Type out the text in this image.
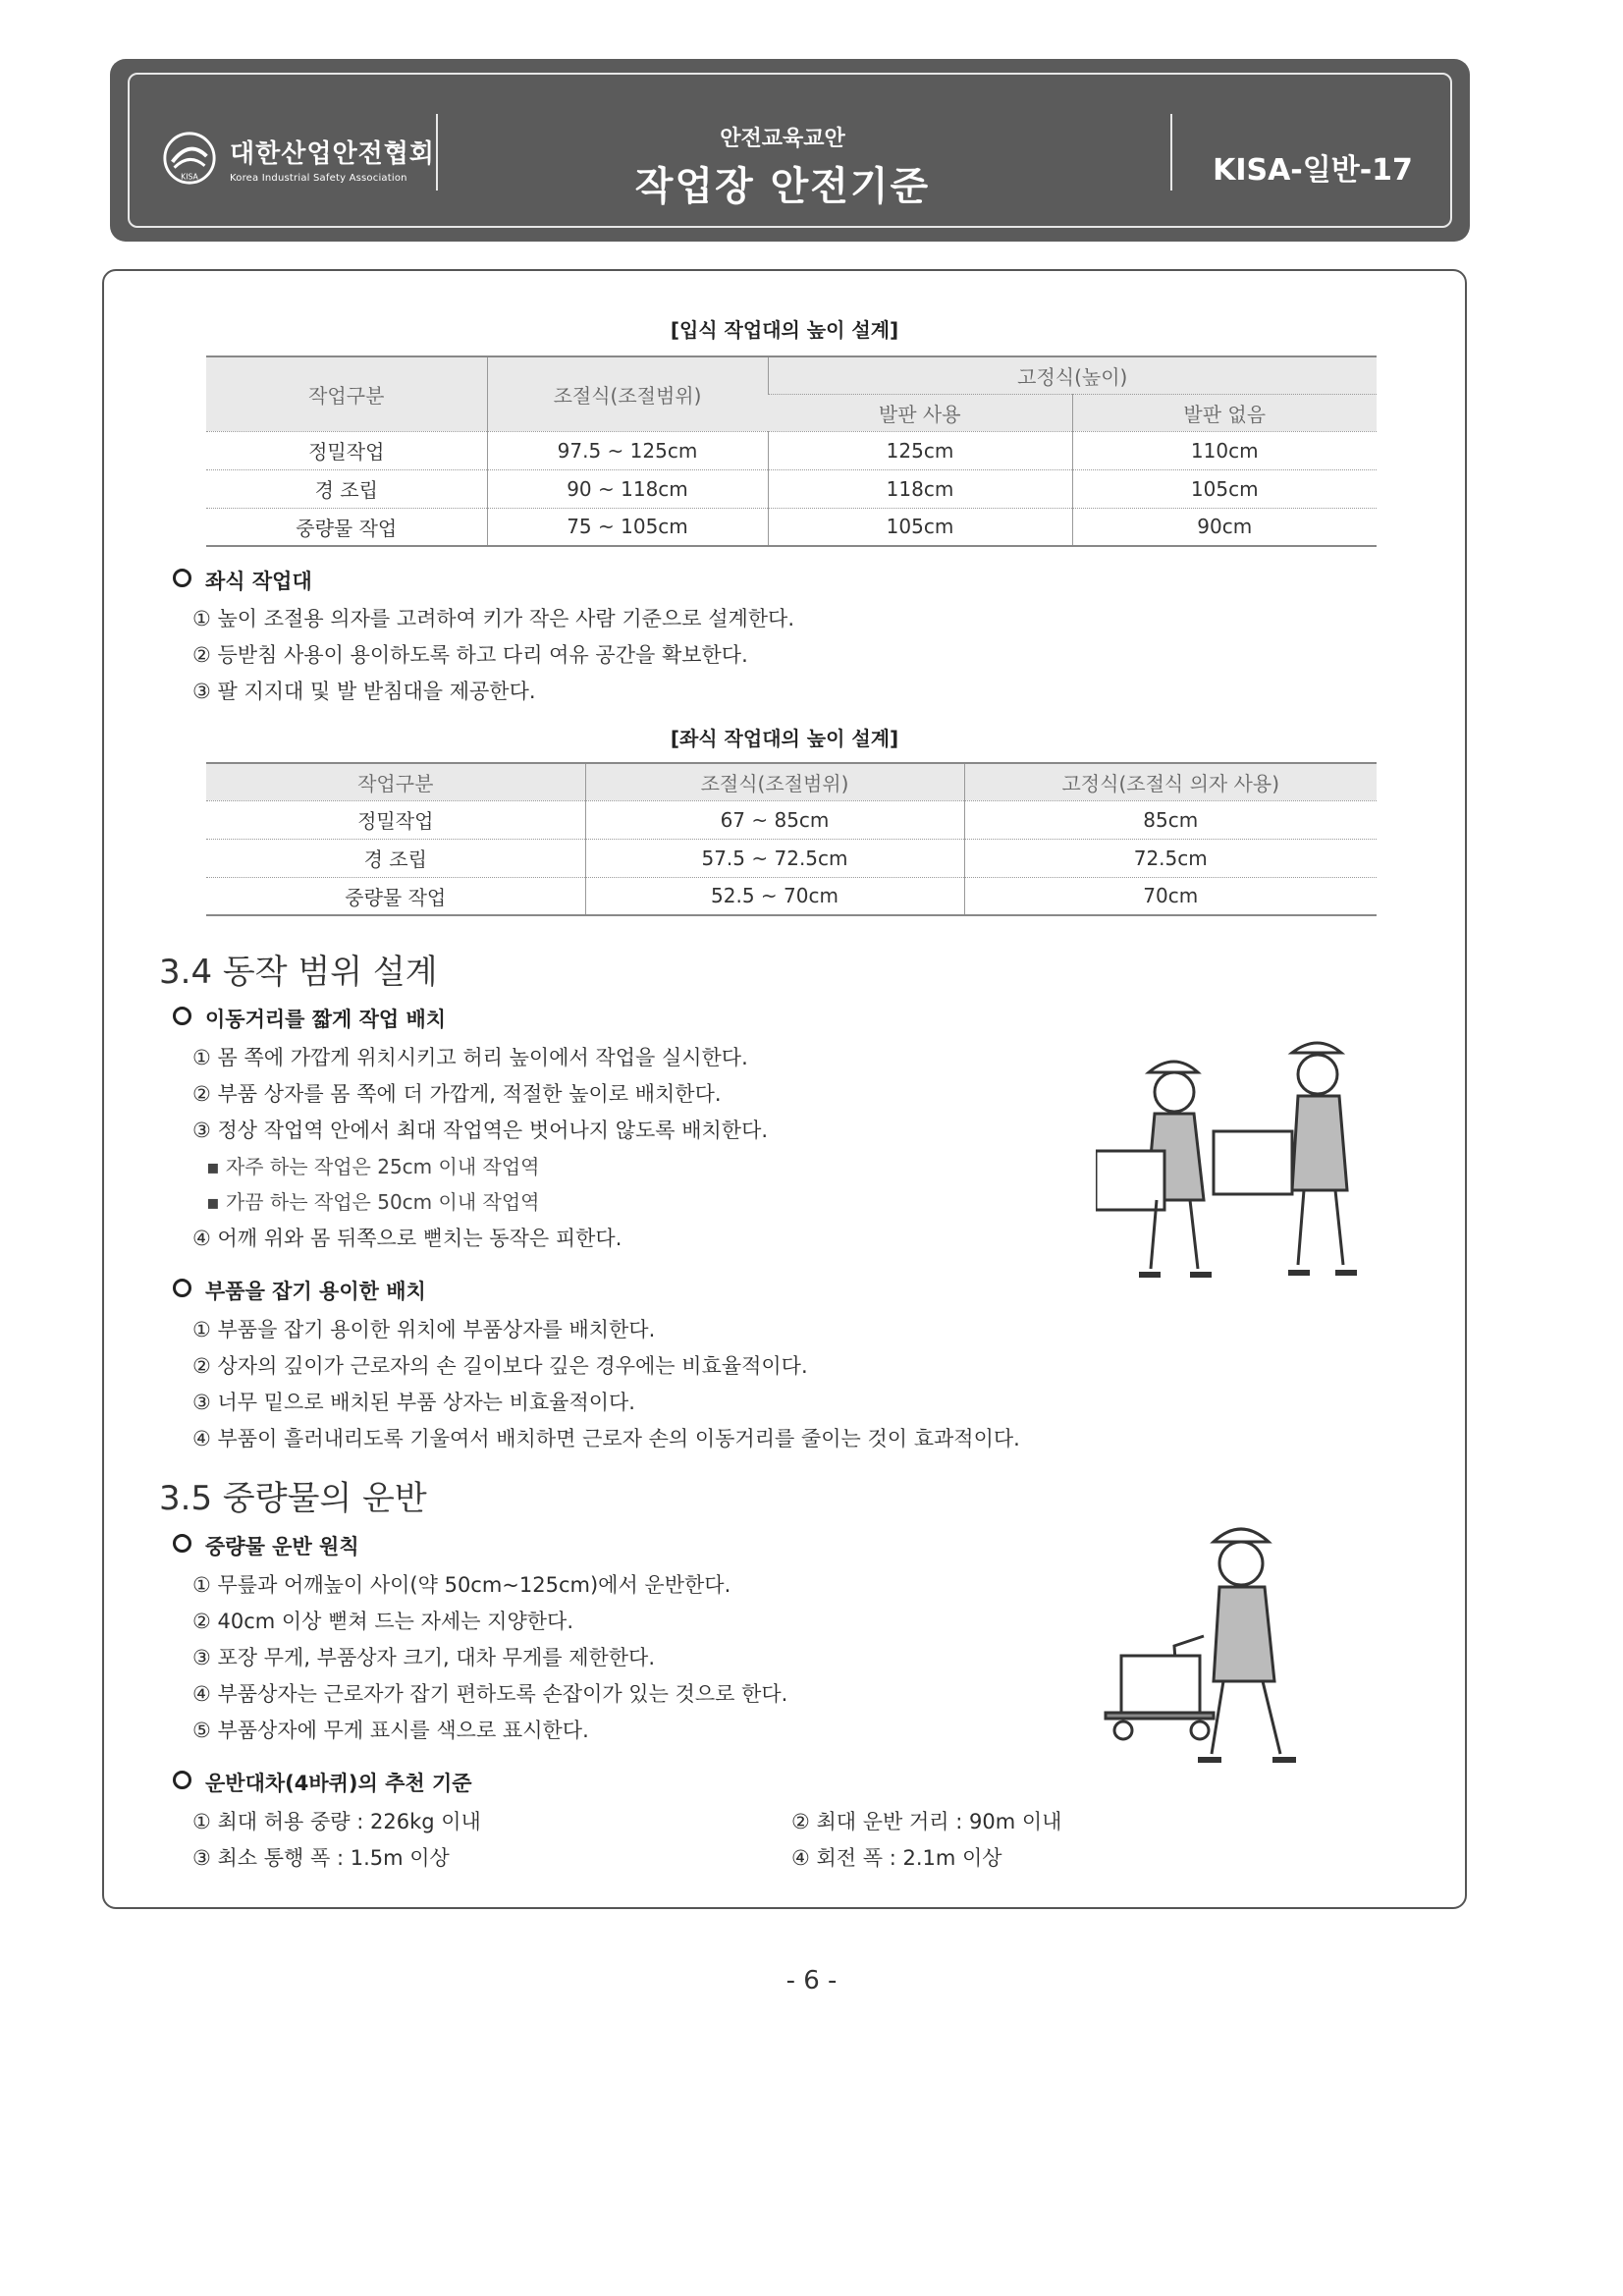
KISA
대한산업안전협회
Korea Industrial Safety Association
안전교육교안
작업장 안전기준	KISA-일반-17
[입식 작업대의 높이 설계]
작업구분	조절식(조절범위)	고정식(높이)	
		발판 사용	발판 없음
정밀작업	97.5 ~ 125cm	125cm	110cm
경 조립	90 ~ 118cm	118cm	105cm
중량물 작업	75 ~ 105cm	105cm	90cm
좌식 작업대
① 높이 조절용 의자를 고려하여 키가 작은 사람 기준으로 설계한다.
② 등받침 사용이 용이하도록 하고 다리 여유 공간을 확보한다.
③ 팔 지지대 및 발 받침대을 제공한다.
[좌식 작업대의 높이 설계]
작업구분	조절식(조절범위)	고정식(조절식 의자 사용)
정밀작업	67 ~ 85cm	85cm
경 조립	57.5 ~ 72.5cm	72.5cm
중량물 작업	52.5 ~ 70cm	70cm
3.4 동작 범위 설계
이동거리를 짧게 작업 배치
① 몸 쪽에 가깝게 위치시키고 허리 높이에서 작업을 실시한다.
② 부품 상자를 몸 쪽에 더 가깝게, 적절한 높이로 배치한다.
③ 정상 작업역 안에서 최대 작업역은 벗어나지 않도록 배치한다.
▪ 자주 하는 작업은 25cm 이내 작업역
▪ 가끔 하는 작업은 50cm 이내 작업역
④ 어깨 위와 몸 뒤쪽으로 뻗치는 동작은 피한다.
부품을 잡기 용이한 배치
① 부품을 잡기 용이한 위치에 부품상자를 배치한다.
② 상자의 깊이가 근로자의 손 길이보다 깊은 경우에는 비효율적이다.
③ 너무 밑으로 배치된 부품 상자는 비효율적이다.
④ 부품이 흘러내리도록 기울여서 배치하면 근로자 손의 이동거리를 줄이는 것이 효과적이다.
3.5 중량물의 운반
중량물 운반 원칙
① 무릎과 어깨높이 사이(약 50cm~125cm)에서 운반한다.
② 40cm 이상 뻗쳐 드는 자세는 지양한다.
③ 포장 무게, 부품상자 크기, 대차 무게를 제한한다.
④ 부품상자는 근로자가 잡기 편하도록 손잡이가 있는 것으로 한다.
⑤ 부품상자에 무게 표시를 색으로 표시한다.
운반대차(4바퀴)의 추천 기준
① 최대 허용 중량 : 226kg 이내	② 최대 운반 거리 : 90m 이내
③ 최소 통행 폭 : 1.5m 이상	④ 회전 폭 : 2.1m 이상
- 6 -
